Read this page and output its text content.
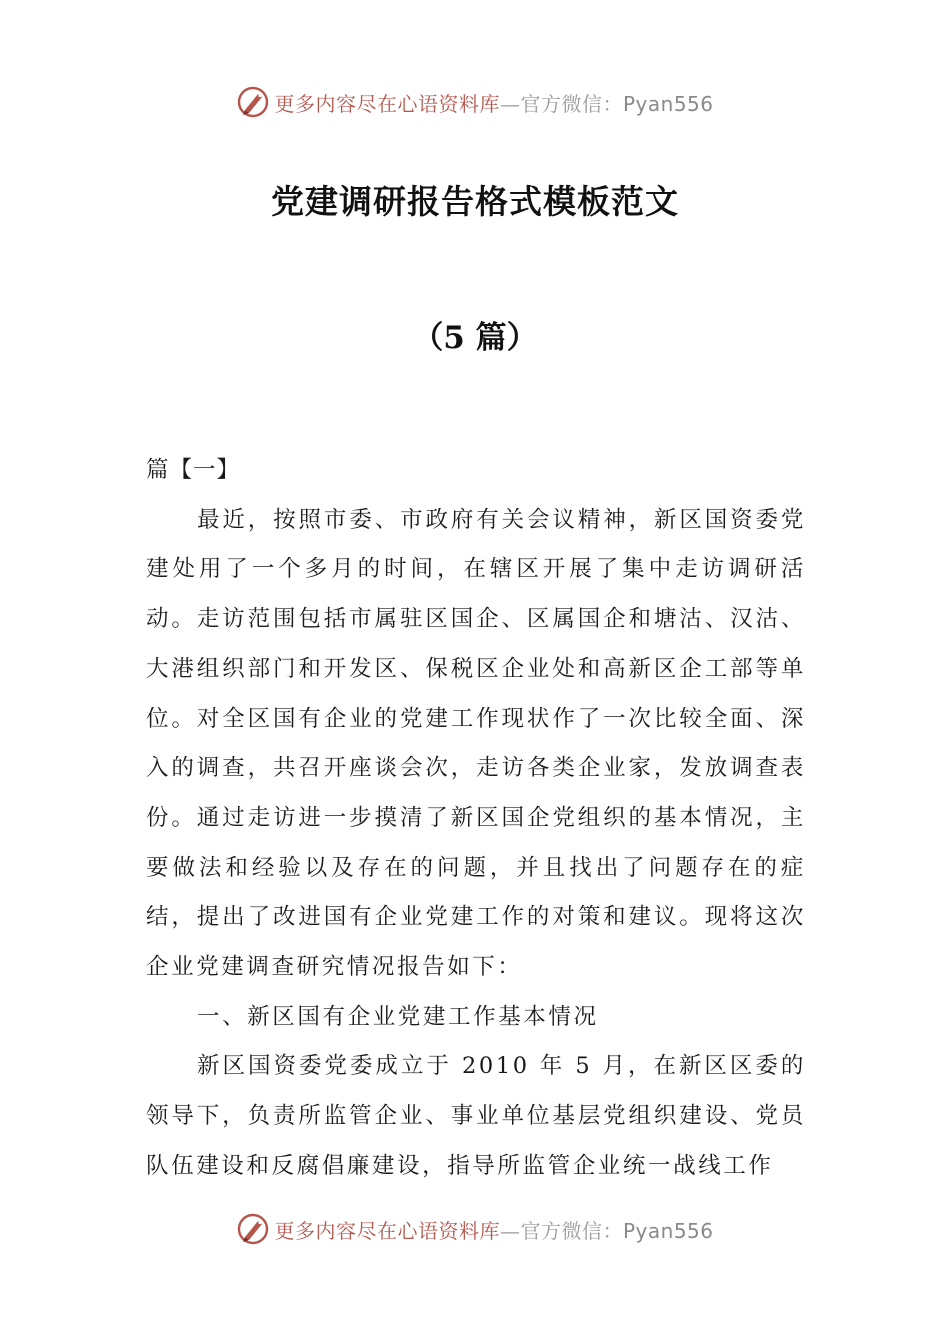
更多内容尽在心语资料库—官方微信：Pyan556
党建调研报告格式模板范文
（5 篇）

篇【一】

最近，按照市委、市政府有关会议精神，新区国资委党建处用了一个多月的时间，在辖区开展了集中走访调研活动。走访范围包括市属驻区国企、区属国企和塘沽、汉沽、大港组织部门和开发区、保税区企业处和高新区企工部等单位。对全区国有企业的党建工作现状作了一次比较全面、深入的调查，共召开座谈会次，走访各类企业家，发放调查表份。通过走访进一步摸清了新区国企党组织的基本情况，主要做法和经验以及存在的问题，并且找出了问题存在的症结，提出了改进国有企业党建工作的对策和建议。现将这次企业党建调查研究情况报告如下：

一、新区国有企业党建工作基本情况

新区国资委党委成立于 2010 年 5 月，在新区区委的领导下，负责所监管企业、事业单位基层党组织建设、党员队伍建设和反腐倡廉建设，指导所监管企业统一战线工作

更多内容尽在心语资料库—官方微信：Pyan556
